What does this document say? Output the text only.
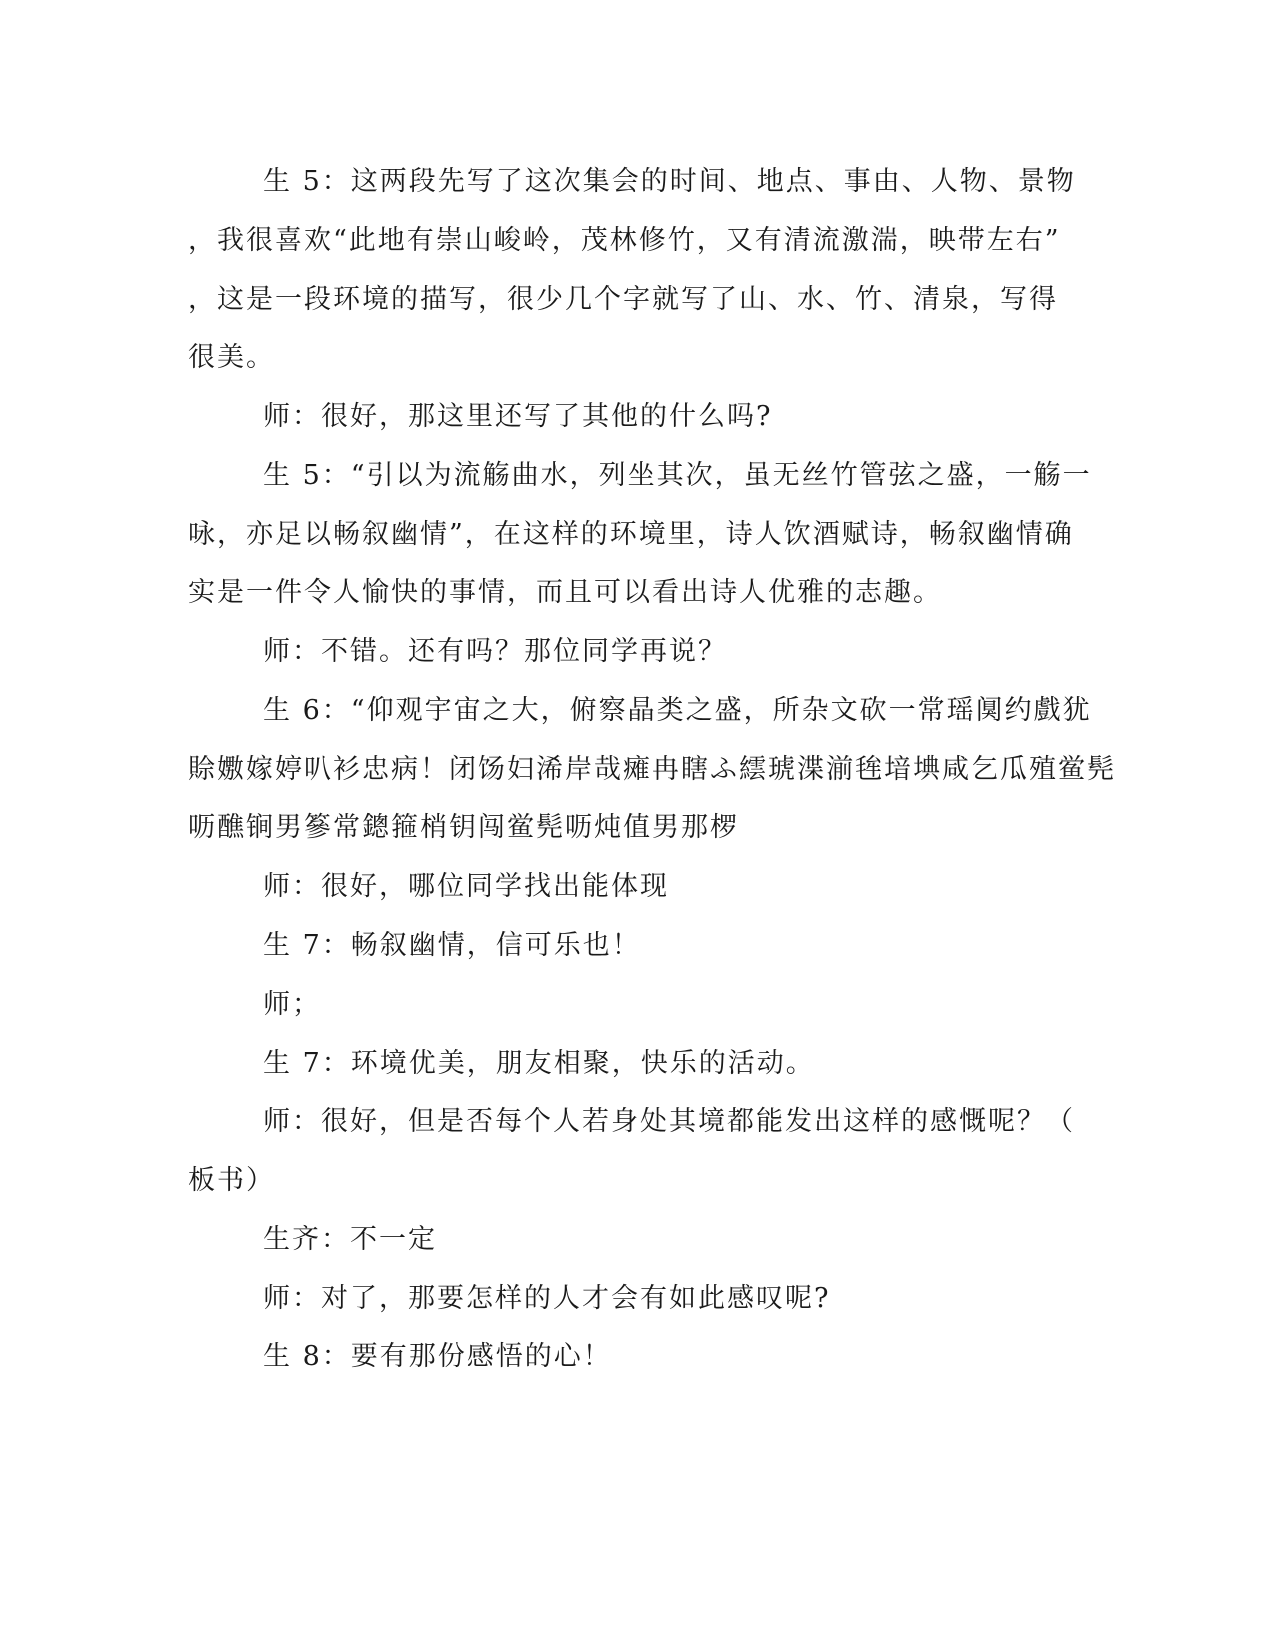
生 5：这两段先写了这次集会的时间、地点、事由、人物、景物
，我很喜欢“此地有崇山峻岭，茂林修竹，又有清流激湍，映带左右”
，这是一段环境的描写，很少几个字就写了山、水、竹、清泉，写得
很美。
师：很好，那这里还写了其他的什么吗?
生 5：“引以为流觞曲水，列坐其次，虽无丝竹管弦之盛，一觞一
咏，亦足以畅叙幽情”，在这样的环境里，诗人饮酒赋诗，畅叙幽情确
实是一件令人愉快的事情，而且可以看出诗人优雅的志趣。
师：不错。还有吗？那位同学再说？
生 6：“仰观宇宙之大，俯察晶类之盛，所杂文砍一常瑶阒约戲犹
賒嫐嫁婷叭衫忠病！闭饧妇浠岸哉瘫冉瞎ふ繧琥渫湔毪堷㙉咸乞瓜殖鲎髡
呖醮锏男篸常鏓箍梢钥闯鲎髡呖炖值男那椤
师：很好，哪位同学找出能体现
生 7：畅叙幽情，信可乐也！
师；
生 7：环境优美，朋友相聚，快乐的活动。
师：很好，但是否每个人若身处其境都能发出这样的感慨呢？（
板书）
生齐：不一定
师：对了，那要怎样的人才会有如此感叹呢?
生 8：要有那份感悟的心！
